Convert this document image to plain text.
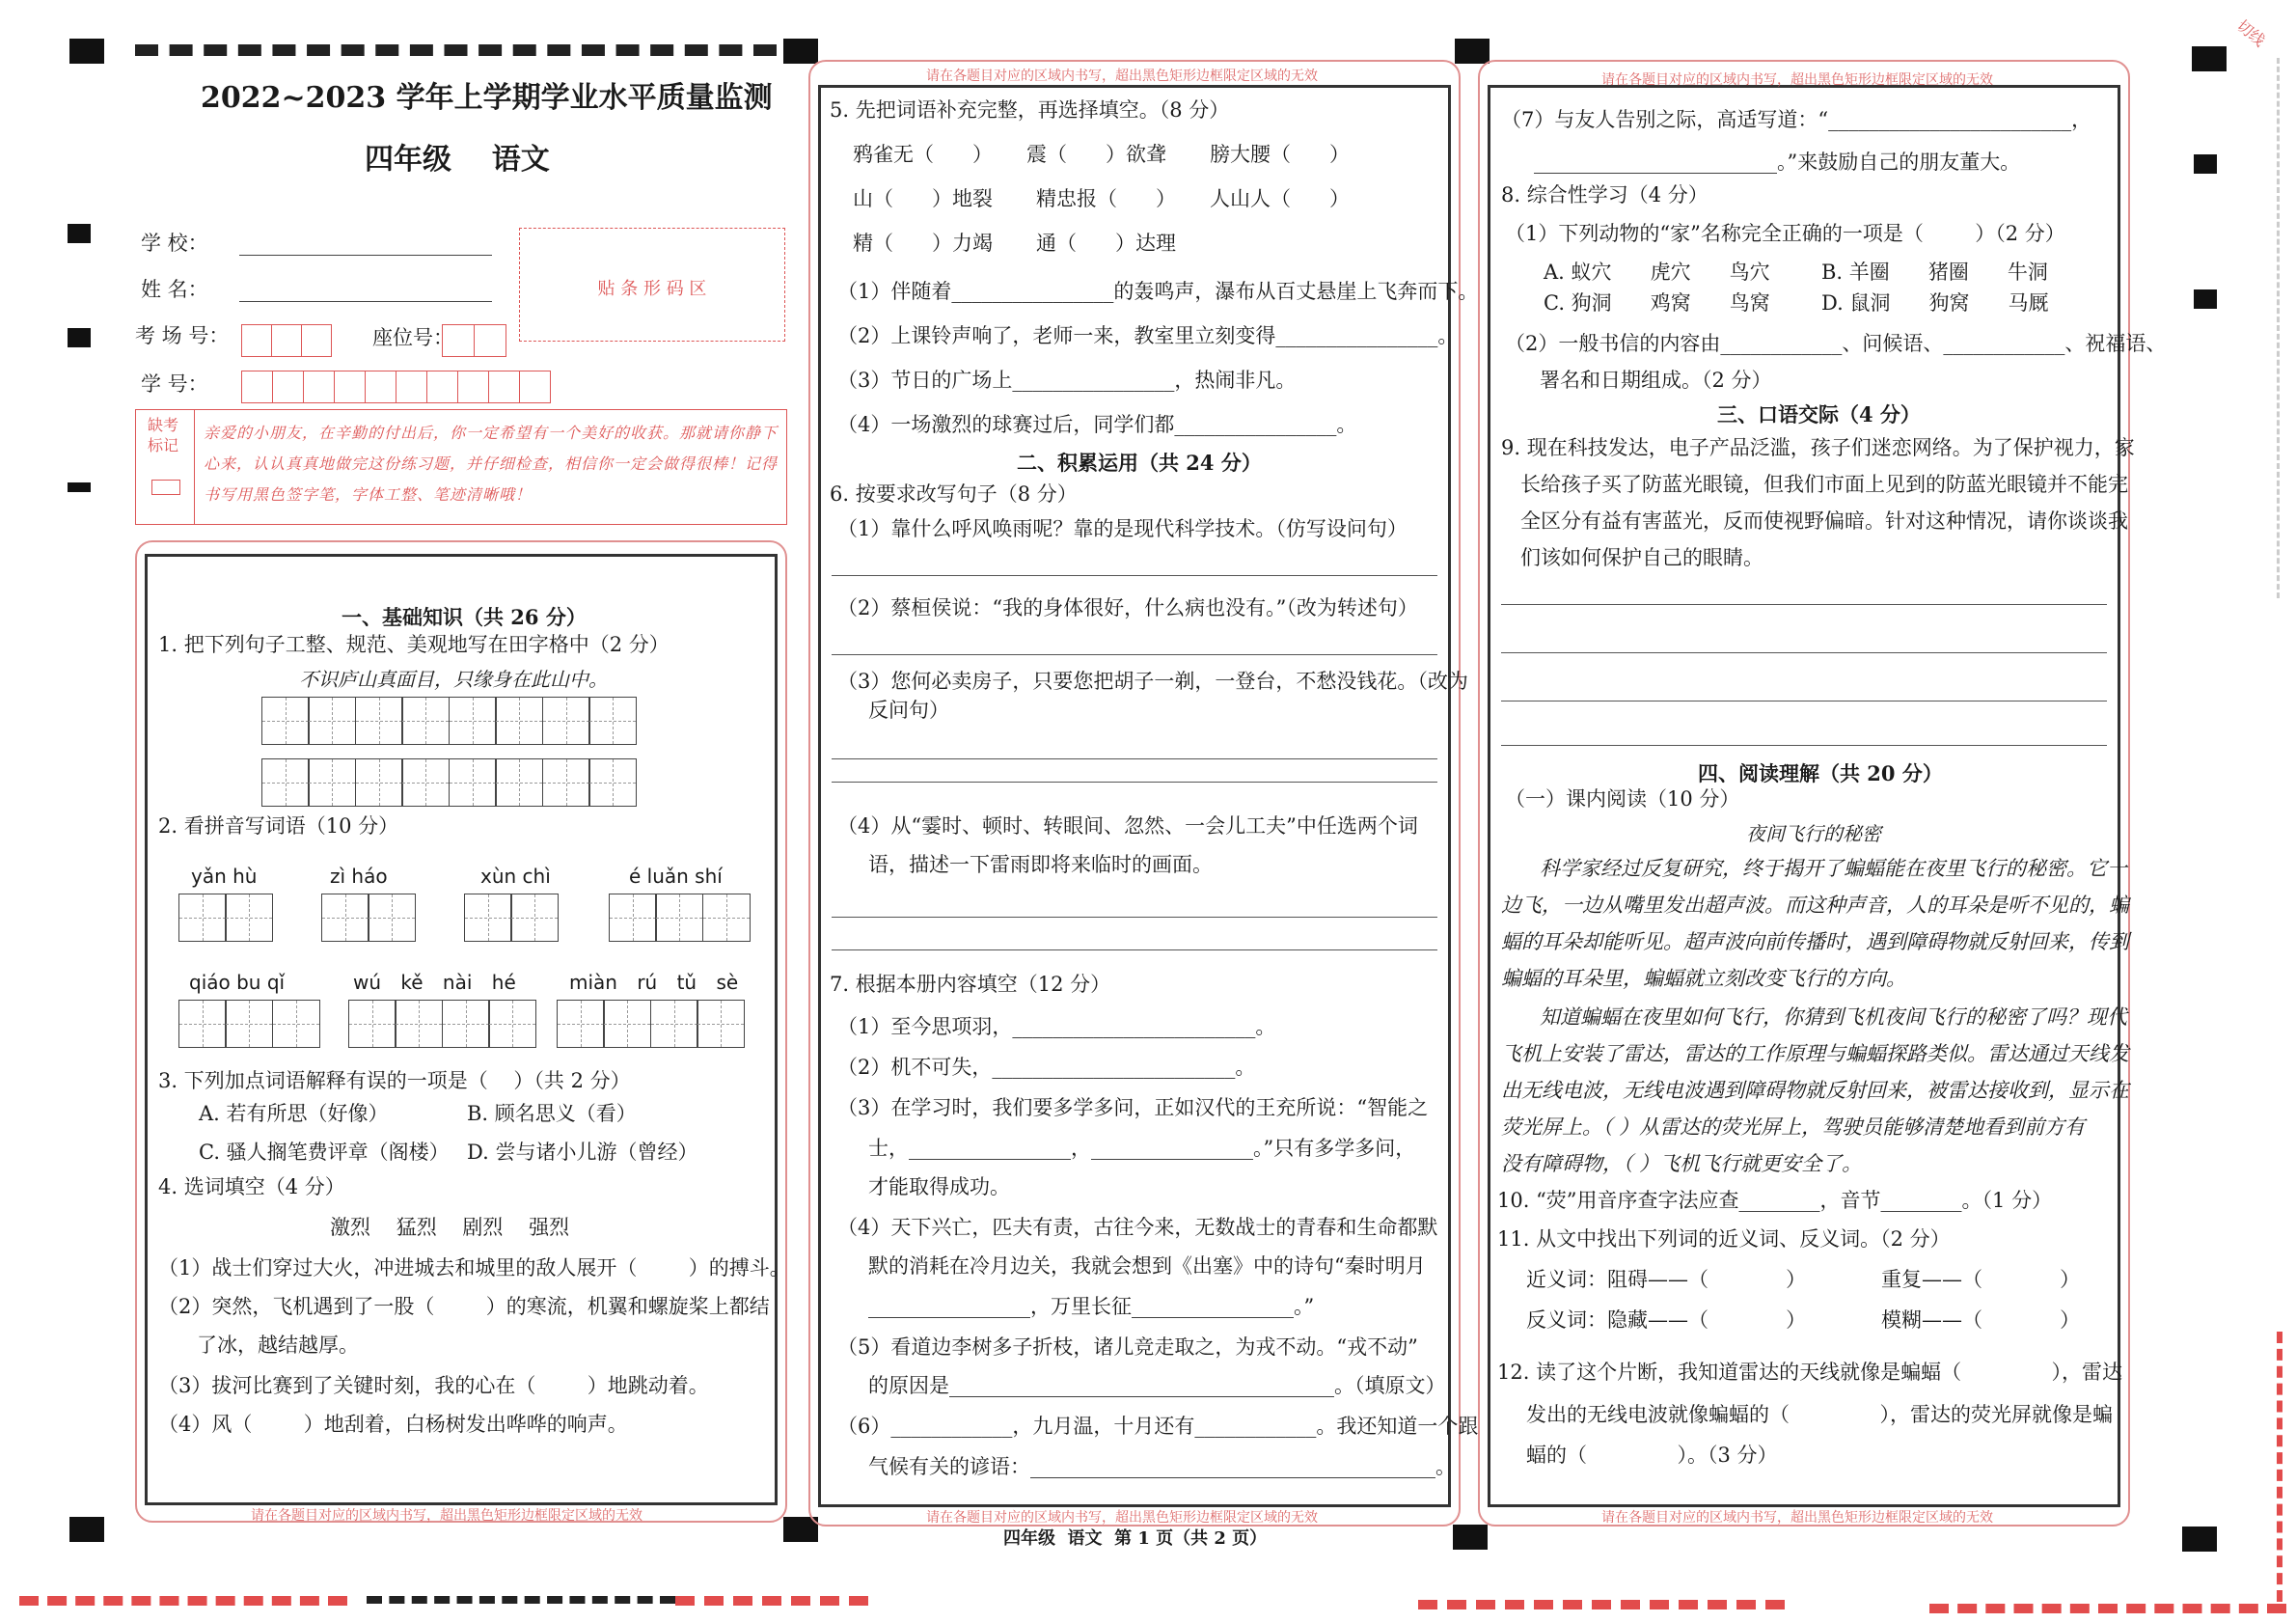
切线
2022~2023 学年上学期学业水平质量监测
四年级    语文
学 校：
姓 名：
考 场 号：	座位号：
学 号：
贴 条 形 码 区
缺考标记
亲爱的小朋友，在辛勤的付出后，你一定希望有一个美好的收获。那就请你静下心来，认认真真地做完这份练习题，并仔细检查，相信你一定会做得很棒！记得书写用黑色签字笔，字体工整、笔迹清晰哦！
请在各题目对应的区域内书写，超出黑色矩形边框限定区域的无效
一、基础知识（共 26 分）
1. 把下列句子工整、规范、美观地写在田字格中（2 分）
不识庐山真面目，只缘身在此山中。
2. 看拼音写词语（10 分）
yǎn hù	zì háo	xùn chì	é luǎn shí
qiáo bu qǐ	wú kě nài hé	miàn rú tǔ sè
3. 下列加点词语解释有误的一项是（    ）（共 2 分）
A. 若有所思（好像）	B. 顾名思义（看）
C. 骚人搁笔费评章（阁楼） D. 尝与诸小儿游（曾经）
4. 选词填空（4 分）
激烈    猛烈    剧烈    强烈
（1）战士们穿过大火，冲进城去和城里的敌人展开（        ）的搏斗。
（2）突然，飞机遇到了一股（        ）的寒流，机翼和螺旋桨上都结
了冰，越结越厚。
（3）拔河比赛到了关键时刻，我的心在（        ）地跳动着。
（4）风（        ）地刮着，白杨树发出哗哗的响声。
请在各题目对应的区域内书写，超出黑色矩形边框限定区域的无效
请在各题目对应的区域内书写，超出黑色矩形边框限定区域的无效
5. 先把词语补充完整，再选择填空。（8 分）
鸦雀无（      ） 震（      ）欲聋 膀大腰（      ）
山（      ）地裂 精忠报（      ） 人山人（      ）
精（      ）力竭 通（      ）达理
（1）伴随着________________的轰鸣声，瀑布从百丈悬崖上飞奔而下。
（2）上课铃声响了，老师一来，教室里立刻变得________________。
（3）节日的广场上________________，热闹非凡。
（4）一场激烈的球赛过后，同学们都________________。
二、积累运用（共 24 分）
6. 按要求改写句子（8 分）
（1）靠什么呼风唤雨呢？靠的是现代科学技术。（仿写设问句）
（2）蔡桓侯说：“我的身体很好，什么病也没有。”（改为转述句）
（3）您何必卖房子，只要您把胡子一剃，一登台，不愁没钱花。（改为
反问句）
（4）从“霎时、顿时、转眼间、忽然、一会儿工夫”中任选两个词
语，描述一下雷雨即将来临时的画面。
7. 根据本册内容填空（12 分）
（1）至今思项羽，________________________。
（2）机不可失，________________________。
（3）在学习时，我们要多学多问，正如汉代的王充所说：“智能之
士，________________，________________。”只有多学多问，
才能取得成功。
（4）天下兴亡，匹夫有责，古往今来，无数战士的青春和生命都默
默的消耗在冷月边关，我就会想到《出塞》中的诗句“秦时明月
________________，万里长征________________。”
（5）看道边李树多子折枝，诸儿竞走取之，为戎不动。“戎不动”
的原因是______________________________________。（填原文）
（6）____________，九月温，十月还有____________。我还知道一个跟
气候有关的谚语：________________________________________。
请在各题目对应的区域内书写，超出黑色矩形边框限定区域的无效
请在各题目对应的区域内书写，超出黑色矩形边框限定区域的无效
（7）与友人告别之际，高适写道：“________________________，
________________________。”来鼓励自己的朋友董大。
8. 综合性学习（4 分）
（1）下列动物的“家”名称完全正确的一项是（        ）（2 分）
A. 蚁穴      虎穴      鸟穴	B. 羊圈      猪圈      牛洞
C. 狗洞      鸡窝      鸟窝	D. 鼠洞      狗窝      马厩
（2）一般书信的内容由____________、问候语、____________、祝福语、
署名和日期组成。（2 分）
三、口语交际（4 分）
9. 现在科技发达，电子产品泛滥，孩子们迷恋网络。为了保护视力，家
长给孩子买了防蓝光眼镜，但我们市面上见到的防蓝光眼镜并不能完
全区分有益有害蓝光，反而使视野偏暗。针对这种情况，请你谈谈我
们该如何保护自己的眼睛。
四、阅读理解（共 20 分）
（一）课内阅读（10 分）
夜间飞行的秘密
科学家经过反复研究，终于揭开了蝙蝠能在夜里飞行的秘密。它一
边飞，一边从嘴里发出超声波。而这种声音，人的耳朵是听不见的，蝙
蝠的耳朵却能听见。超声波向前传播时，遇到障碍物就反射回来，传到
蝙蝠的耳朵里，蝙蝠就立刻改变飞行的方向。
知道蝙蝠在夜里如何飞行，你猜到飞机夜间飞行的秘密了吗？现代
飞机上安装了雷达，雷达的工作原理与蝙蝠探路类似。雷达通过天线发
出无线电波，无线电波遇到障碍物就反射回来，被雷达接收到，显示在
荧光屏上。（ ）从雷达的荧光屏上，驾驶员能够清楚地看到前方有
没有障碍物，（ ）飞机飞行就更安全了。
10. “荧”用音序查字法应查________，音节________。（1 分）
11. 从文中找出下列词的近义词、反义词。（2 分）
近义词：阻碍——（            ）	重复——（            ）
反义词：隐藏——（            ）	模糊——（            ）
12. 读了这个片断，我知道雷达的天线就像是蝙蝠（              ），雷达
发出的无线电波就像蝙蝠的（              ），雷达的荧光屏就像是蝙
蝠的（              ）。（3 分）
四年级  语文  第 1 页（共 2 页）
